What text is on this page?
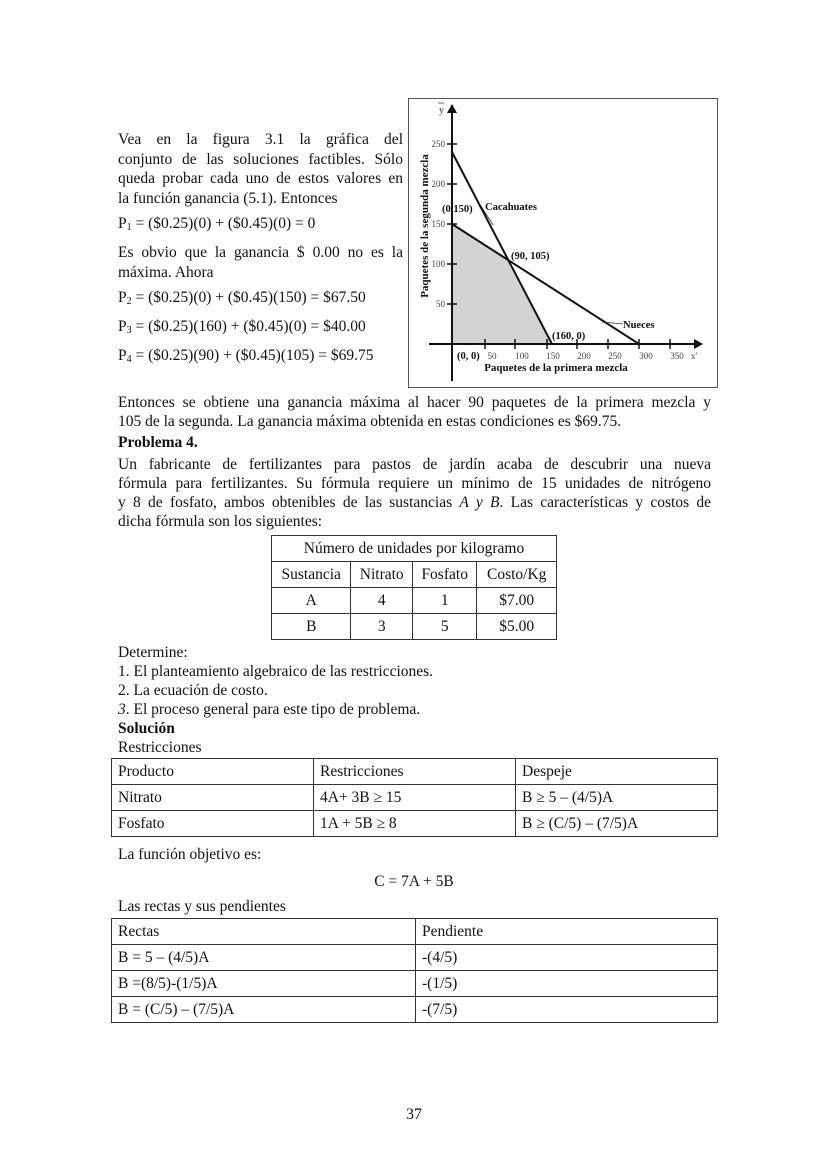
Vea en la figura 3.1 la gráfica del

conjunto de las soluciones factibles. Sólo

queda probar cada uno de estos valores en

la función ganancia (5.1). Entonces

$P_1$ = ($0.25)(0) + ($0.45)(0) = 0

Es obvio que la ganancia $ 0.00 no es la

máxima. Ahora

$P_2$ = ($0.25)(0) + ($0.45)(150) = $67.50

$P_3$ = ($0.25)(160) + ($0.45)(0) = $40.00

$P_4$ = ($0.25)(90) + ($0.45)(105) = $69.75

250
200
150
100
50
50 100 150 200 250 300 350 x'
y
(0,150) Cacahuates
(90, 105)
(160, 0)
Nueces
(0, 0)
Paquetes de la primera mezcla
Paquetes de la segunda mezcla

Entonces se obtiene una ganancia máxima al hacer 90 paquetes de la primera mezcla y

105 de la segunda. La ganancia máxima obtenida en estas condiciones es $69.75.

Problema 4.

Un fabricante de fertilizantes para pastos de jardín acaba de descubrir una nueva

fórmula para fertilizantes. Su fórmula requiere un mínimo de 15 unidades de nitrógeno

y 8 de fosfato, ambos obtenibles de las sustancias A y B. Las características y costos de

dicha fórmula son los siguientes:

Número de unidades por kilogramo			
Sustancia	Nitrato	Fosfato	Costo/Kg
A	4	1	$7.00
B	3	5	$5.00

Determine:

1. El planteamiento algebraico de las restricciones.

2. La ecuación de costo.

3. El proceso general para este tipo de problema.

Solución

Restricciones

Producto	Restricciones	Despeje
Nitrato	4A+ 3B ≥ 15	B ≥ 5 – (4/5)A
Fosfato	1A + 5B ≥ 8	B ≥ (C/5) – (7/5)A

La función objetivo es:

C = 7A + 5B

Las rectas y sus pendientes

Rectas	Pendiente
B = 5 – (4/5)A	-(4/5)
B =(8/5)-(1/5)A	-(1/5)
B = (C/5) – (7/5)A	-(7/5)
37
